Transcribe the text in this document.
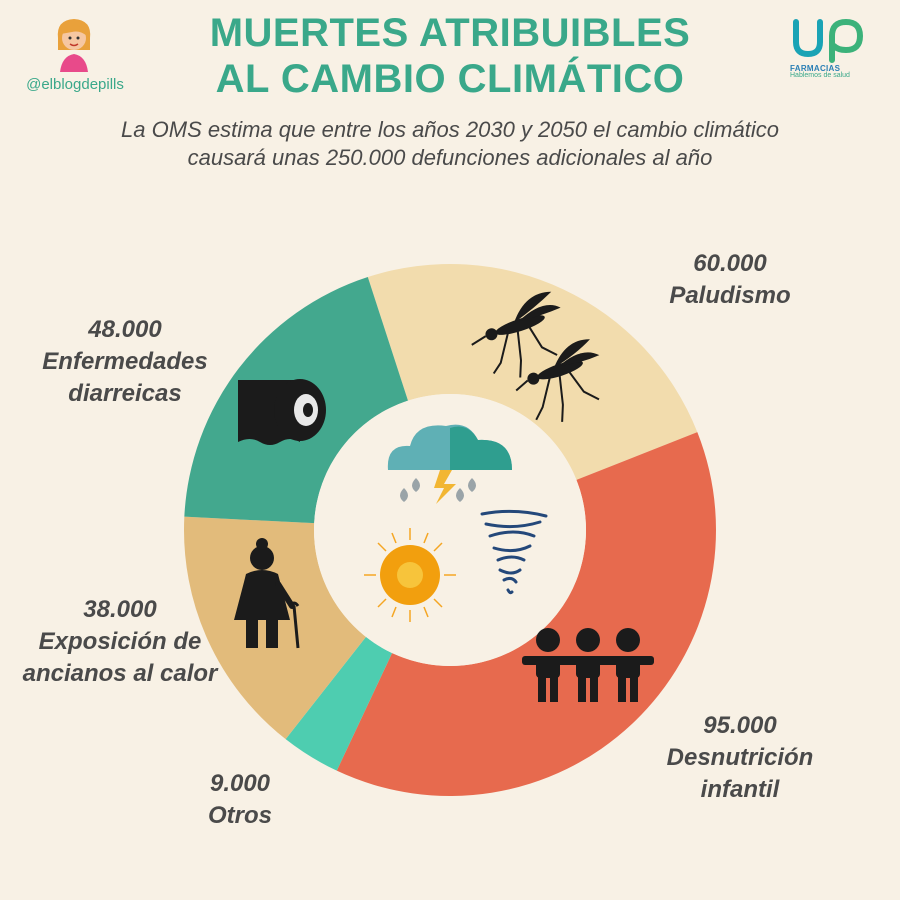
@elblogdepills
MUERTES ATRIBUIBLES
AL CAMBIO CLIMÁTICO	FARMACIAS
Hablemos de salud
La OMS estima que entre los años 2030 y 2050 el cambio climático
causará unas 250.000 defunciones adicionales al año
60.000
Paludismo
95.000
Desnutrición
infantil
9.000
Otros
38.000
Exposición de
ancianos al calor
48.000
Enfermedades
diarreicas
